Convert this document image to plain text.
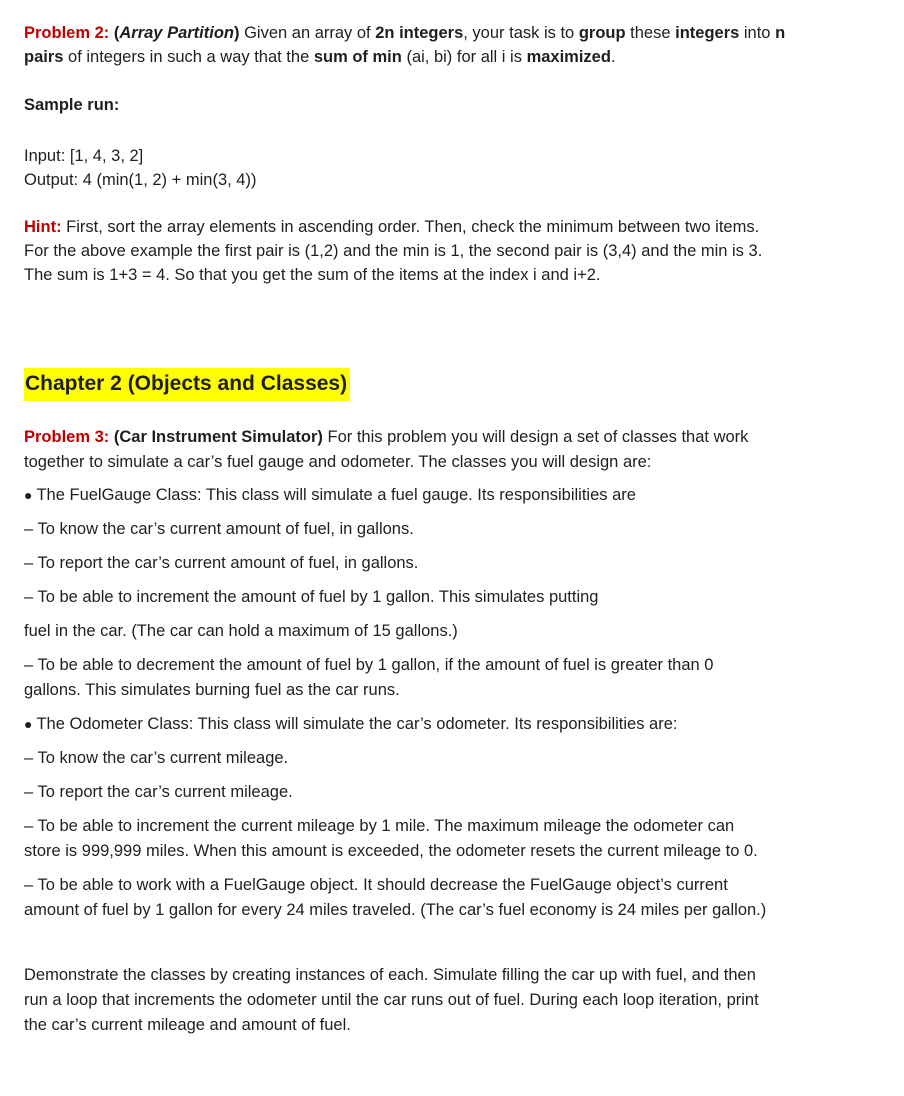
Problem 2: (Array Partition) Given an array of 2n integers, your task is to group these integers into n
pairs of integers in such a way that the sum of min (ai, bi) for all i is maximized.
Sample run:
Input: [1, 4, 3, 2]
Output: 4 (min(1, 2) + min(3, 4))
Hint: First, sort the array elements in ascending order. Then, check the minimum between two items.
For the above example the first pair is (1,2) and the min is 1, the second pair is (3,4) and the min is 3.
The sum is 1+3 = 4. So that you get the sum of the items at the index i and i+2.
Chapter 2 (Objects and Classes)
Problem 3: (Car Instrument Simulator) For this problem you will design a set of classes that work
together to simulate a car’s fuel gauge and odometer. The classes you will design are:
● The FuelGauge Class: This class will simulate a fuel gauge. Its responsibilities are
– To know the car’s current amount of fuel, in gallons.
– To report the car’s current amount of fuel, in gallons.
– To be able to increment the amount of fuel by 1 gallon. This simulates putting
fuel in the car. (The car can hold a maximum of 15 gallons.)
– To be able to decrement the amount of fuel by 1 gallon, if the amount of fuel is greater than 0
gallons. This simulates burning fuel as the car runs.
● The Odometer Class: This class will simulate the car’s odometer. Its responsibilities are:
– To know the car’s current mileage.
– To report the car’s current mileage.
– To be able to increment the current mileage by 1 mile. The maximum mileage the odometer can
store is 999,999 miles. When this amount is exceeded, the odometer resets the current mileage to 0.
– To be able to work with a FuelGauge object. It should decrease the FuelGauge object’s current
amount of fuel by 1 gallon for every 24 miles traveled. (The car’s fuel economy is 24 miles per gallon.)
Demonstrate the classes by creating instances of each. Simulate filling the car up with fuel, and then
run a loop that increments the odometer until the car runs out of fuel. During each loop iteration, print
the car’s current mileage and amount of fuel.
